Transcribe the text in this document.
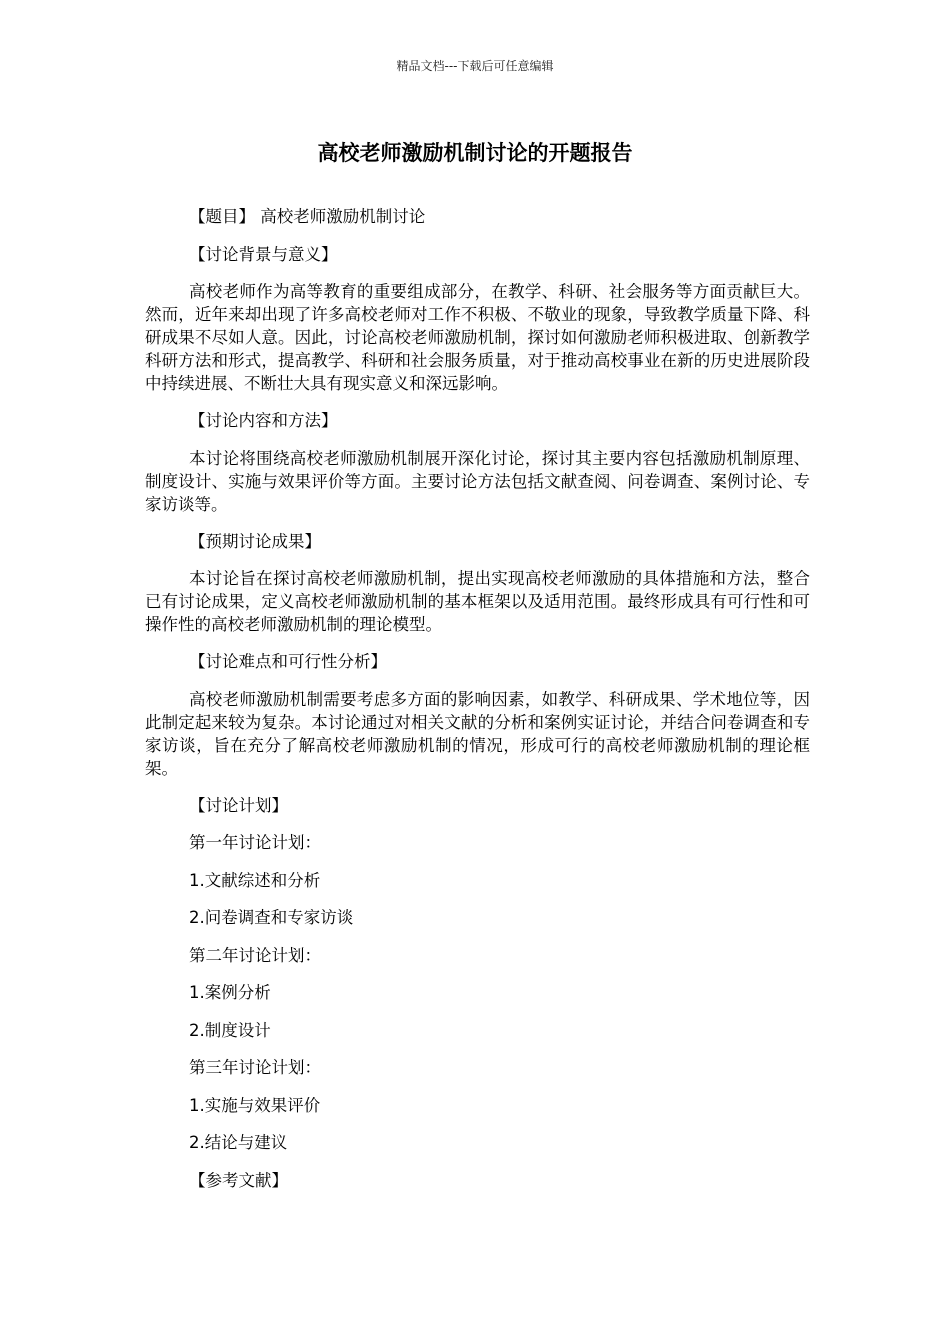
精品文档---下载后可任意编辑
高校老师激励机制讨论的开题报告
【题目】 高校老师激励机制讨论
【讨论背景与意义】

高校老师作为高等教育的重要组成部分，在教学、科研、社会服务等方面贡献巨大。然而，近年来却出现了许多高校老师对工作不积极、不敬业的现象，导致教学质量下降、科研成果不尽如人意。因此，讨论高校老师激励机制，探讨如何激励老师积极进取、创新教学科研方法和形式，提高教学、科研和社会服务质量，对于推动高校事业在新的历史进展阶段中持续进展、不断壮大具有现实意义和深远影响。

【讨论内容和方法】

本讨论将围绕高校老师激励机制展开深化讨论，探讨其主要内容包括激励机制原理、制度设计、实施与效果评价等方面。主要讨论方法包括文献查阅、问卷调查、案例讨论、专家访谈等。

【预期讨论成果】

本讨论旨在探讨高校老师激励机制，提出实现高校老师激励的具体措施和方法，整合已有讨论成果，定义高校老师激励机制的基本框架以及适用范围。最终形成具有可行性和可操作性的高校老师激励机制的理论模型。

【讨论难点和可行性分析】

高校老师激励机制需要考虑多方面的影响因素，如教学、科研成果、学术地位等，因此制定起来较为复杂。本讨论通过对相关文献的分析和案例实证讨论，并结合问卷调查和专家访谈，旨在充分了解高校老师激励机制的情况，形成可行的高校老师激励机制的理论框架。

【讨论计划】
第一年讨论计划：
1.文献综述和分析
2.问卷调查和专家访谈
第二年讨论计划：
1.案例分析
2.制度设计
第三年讨论计划：
1.实施与效果评价
2.结论与建议
【参考文献】
